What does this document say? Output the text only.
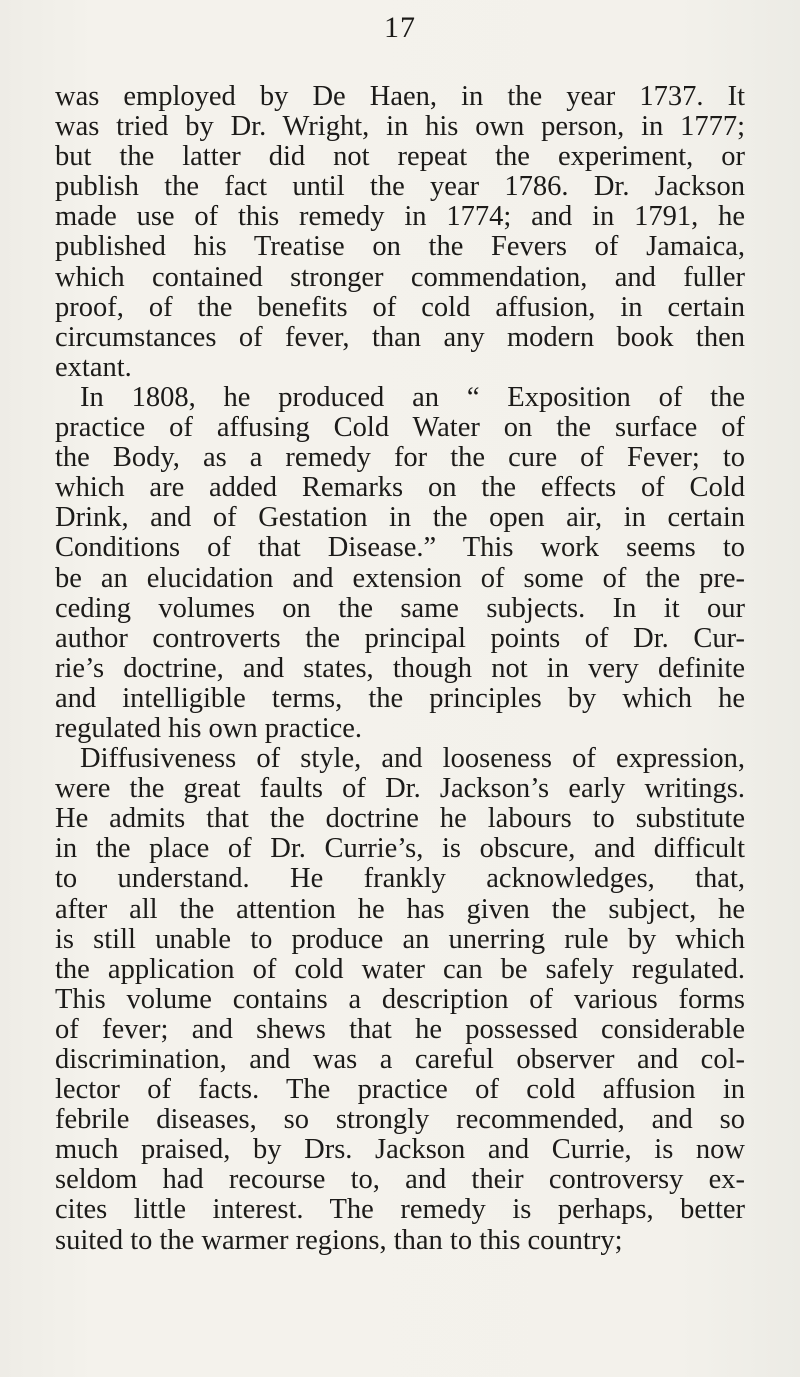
17
was employed by De Haen, in the year 1737. It
was tried by Dr. Wright, in his own person, in 1777;
but the latter did not repeat the experiment, or
publish the fact until the year 1786. Dr. Jackson
made use of this remedy in 1774; and in 1791, he
published his Treatise on the Fevers of Jamaica,
which contained stronger commendation, and fuller
proof, of the benefits of cold affusion, in certain
circumstances of fever, than any modern book then
extant.
In 1808, he produced an “ Exposition of the
practice of affusing Cold Water on the surface of
the Body, as a remedy for the cure of Fever; to
which are added Remarks on the effects of Cold
Drink, and of Gestation in the open air, in certain
Conditions of that Disease.” This work seems to
be an elucidation and extension of some of the pre-
ceding volumes on the same subjects. In it our
author controverts the principal points of Dr. Cur-
rie’s doctrine, and states, though not in very definite
and intelligible terms, the principles by which he
regulated his own practice.
Diffusiveness of style, and looseness of expression,
were the great faults of Dr. Jackson’s early writings.
He admits that the doctrine he labours to substitute
in the place of Dr. Currie’s, is obscure, and difficult
to understand. He frankly acknowledges, that,
after all the attention he has given the subject, he
is still unable to produce an unerring rule by which
the application of cold water can be safely regulated.
This volume contains a description of various forms
of fever; and shews that he possessed considerable
discrimination, and was a careful observer and col-
lector of facts. The practice of cold affusion in
febrile diseases, so strongly recommended, and so
much praised, by Drs. Jackson and Currie, is now
seldom had recourse to, and their controversy ex-
cites little interest. The remedy is perhaps, better
suited to the warmer regions, than to this country;
